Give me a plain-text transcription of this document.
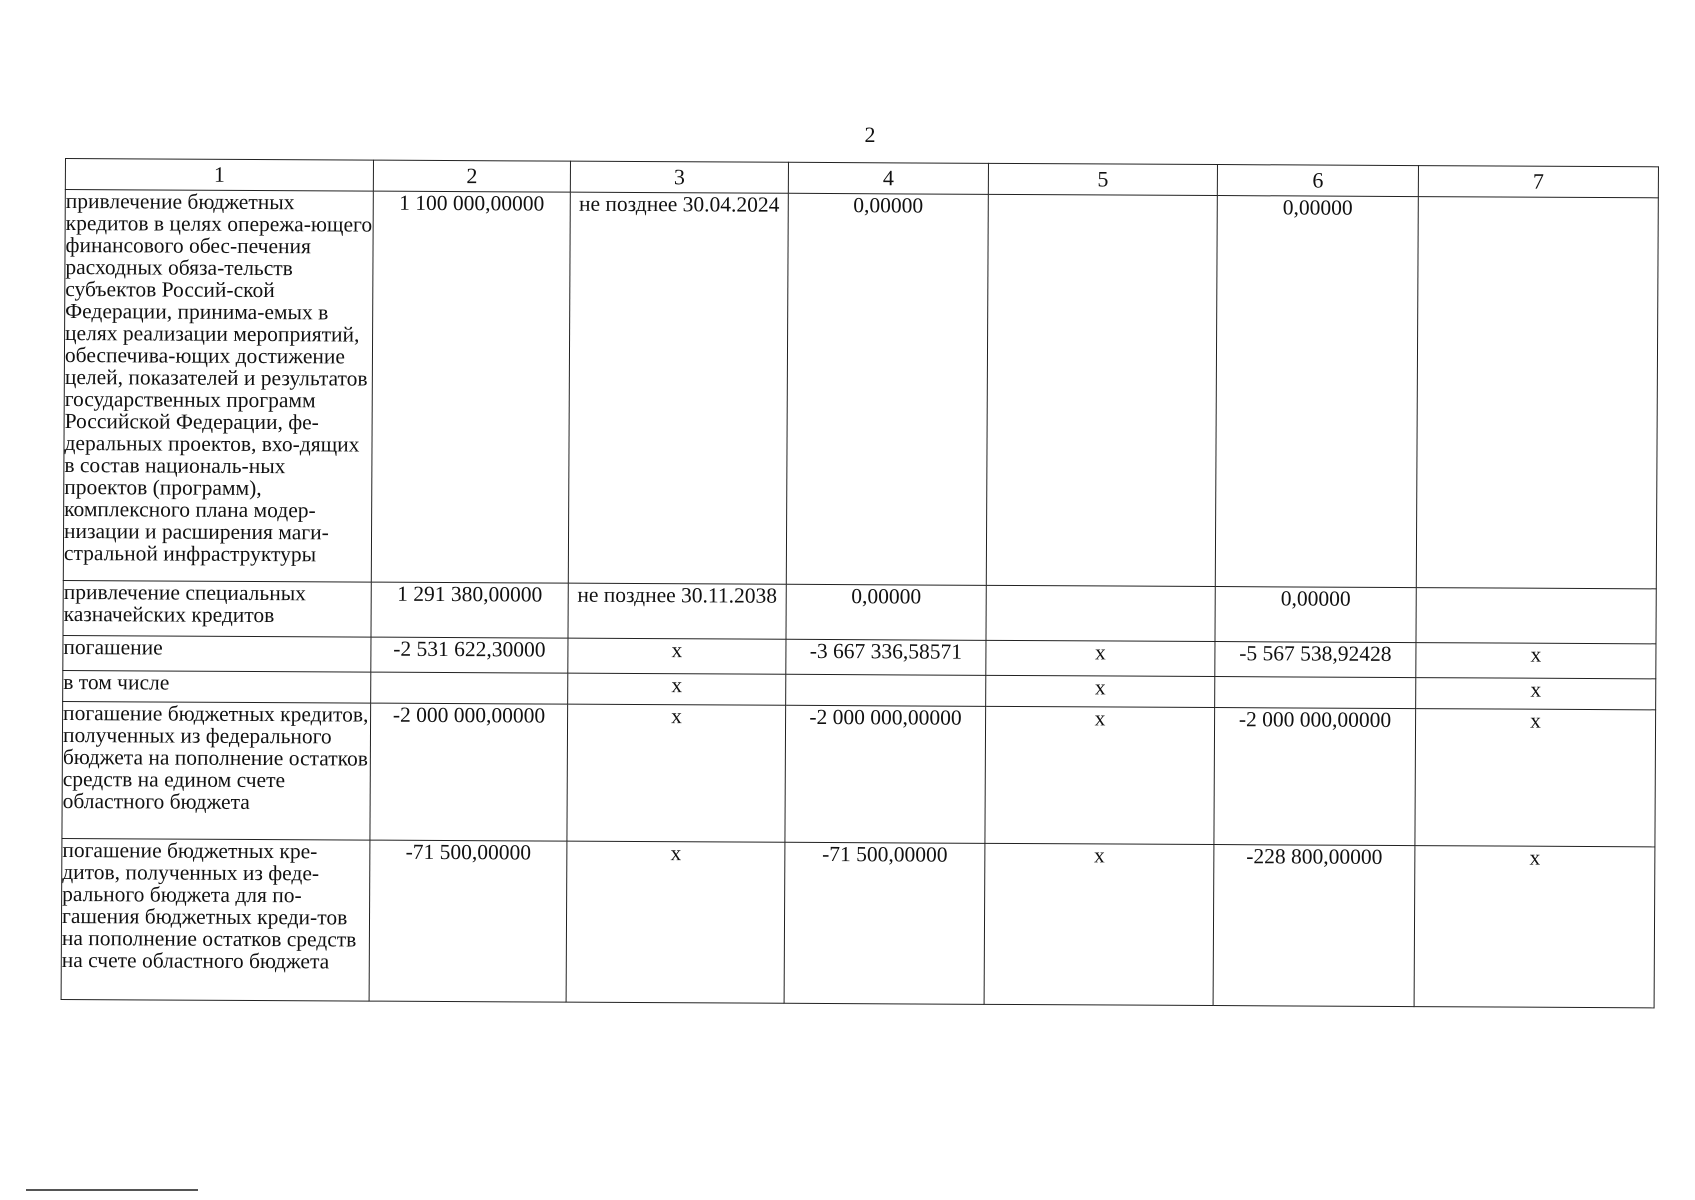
2
1	2	3	4	5	6	7
привлечение бюджетных кредитов в целях опережа-ющего финансового обес-печения расходных обяза-тельств субъектов Россий-ской Федерации, принима-емых в целях реализации мероприятий, обеспечива-ющих достижение целей, показателей и результатов государственных программ Российской Федерации, фе-деральных проектов, вхо-дящих в состав националь-ных проектов (программ), комплексного плана модер-низации и расширения маги-стральной инфраструктуры	1 100 000,00000	не позднее 30.04.2024	0,00000		0,00000	
привлечение специальных казначейских кредитов	1 291 380,00000	не позднее 30.11.2038	0,00000		0,00000	
погашение	-2 531 622,30000	x	-3 667 336,58571	x	-5 567 538,92428	x
в том числе		x		x		x
погашение бюджетных кредитов, полученных из федерального бюджета на пополнение остатков средств на едином счете областного бюджета	-2 000 000,00000	x	-2 000 000,00000	x	-2 000 000,00000	x
погашение бюджетных кре-дитов, полученных из феде-рального бюджета для по-гашения бюджетных креди-тов на пополнение остатков средств на счете областного бюджета	-71 500,00000	x	-71 500,00000	x	-228 800,00000	x
